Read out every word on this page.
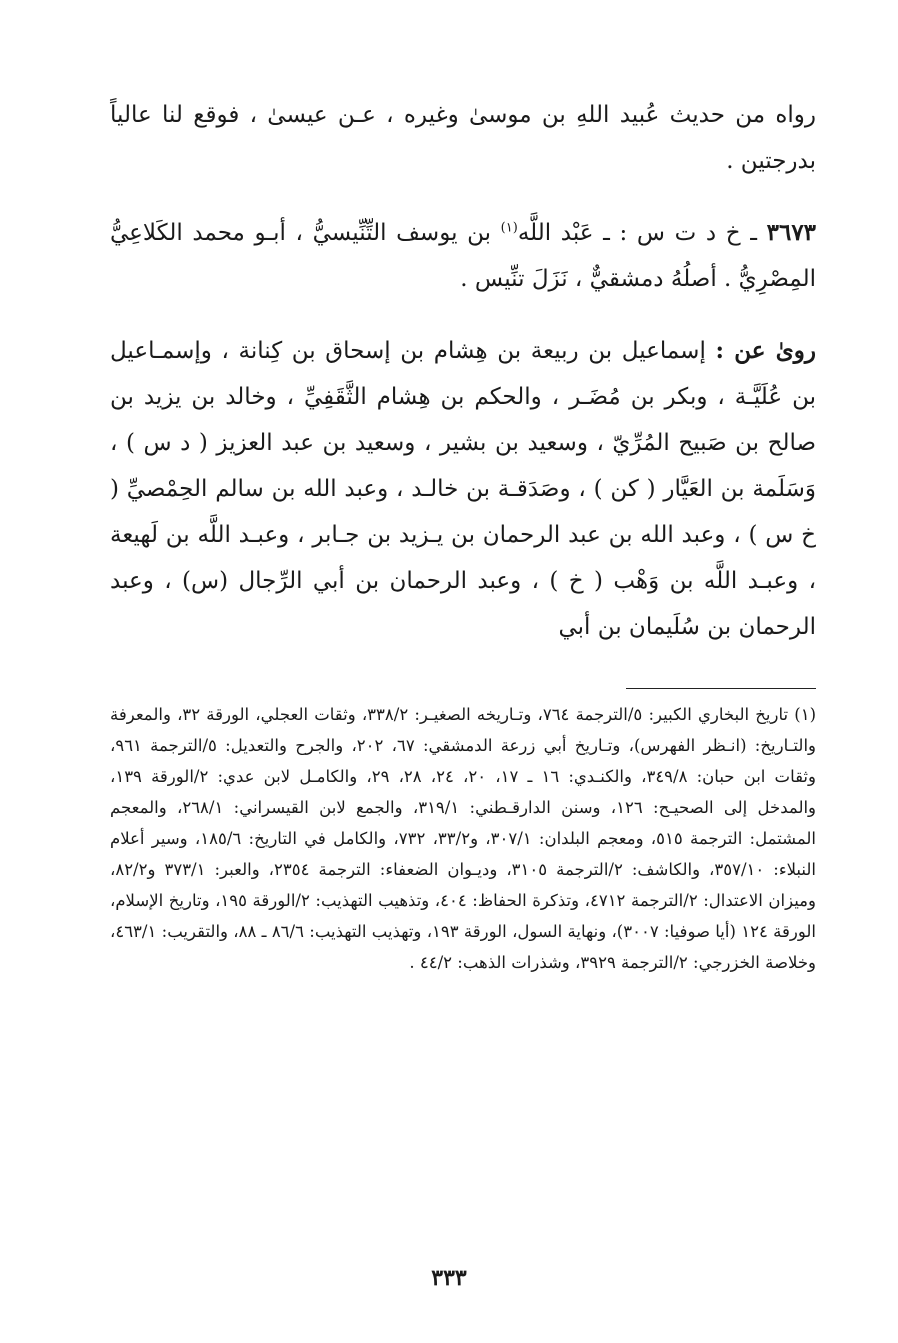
رواه من حديث عُبيد اللهِ بن موسىٰ وغيره ، عـن عيسىٰ ، فوقع لنا عالياً بدرجتين .

٣٦٧٣ ـ خ د ت س : ـ عَبْد اللَّه$^{(١)}$ بن يوسف التِّنِّيسيُّ ، أبـو محمد الكَلاعِيُّ المِصْرِيُّ . أصلُهُ دمشقيٌّ ، نَزَلَ تنِّيس .

روىٰ عن : إسماعيل بن ربيعة بن هِشام بن إسحاق بن كِنانة ، وإسمـاعيل بن عُلَيَّـة ، وبكر بن مُضَـر ، والحكم بن هِشام الثَّقَفِيِّ ، وخالد بن يزيد بن صالح بن صَبيح المُرِّيّ ، وسعيد بن بشير ، وسعيد بن عبد العزيز ( د س ) ، وَسَلَمة بن العَيَّار ( كن ) ، وصَدَقـة بن خالـد ، وعبد الله بن سالم الحِمْصيِّ ( خ س ) ، وعبد الله بن عبد الرحمان بن يـزيد بن جـابر ، وعبـد اللَّه بن لَهيعة ، وعبـد اللَّه بن وَهْب ( خ ) ، وعبد الرحمان بن أبي الرِّجال (س) ، وعبد الرحمان بن سُلَيمان بن أبي

(١) تاريخ البخاري الكبير: ٥/الترجمة ٧٦٤، وتـاريخه الصغيـر: ٣٣٨/٢، وثقات العجلي، الورقة ٣٢، والمعرفة والتـاريخ: (انـظر الفهرس)، وتـاريخ أبي زرعة الدمشقي: ٦٧، ٢٠٢، والجرح والتعديل: ٥/الترجمة ٩٦١، وثقات ابن حبان: ٣٤٩/٨، والكنـدي: ١٦ ـ ١٧، ٢٠، ٢٤، ٢٨، ٢٩، والكامـل لابن عدي: ٢/الورقة ١٣٩، والمدخل إلى الصحيـح: ١٢٦، وسنن الدارقـطني: ٣١٩/١، والجمع لابن القيسراني: ٢٦٨/١، والمعجم المشتمل: الترجمة ٥١٥، ومعجم البلدان: ٣٠٧/١، و٣٣/٢، ٧٣٢، والكامل في التاريخ: ١٨٥/٦، وسير أعلام النبلاء: ٣٥٧/١٠، والكاشف: ٢/الترجمة ٣١٠٥، وديـوان الضعفاء: الترجمة ٢٣٥٤، والعبر: ٣٧٣/١ و٨٢/٢، وميزان الاعتدال: ٢/الترجمة ٤٧١٢، وتذكرة الحفاظ: ٤٠٤، وتذهيب التهذيب: ٢/الورقة ١٩٥، وتاريخ الإسلام، الورقة ١٢٤ (أيا صوفيا: ٣٠٠٧)، ونهاية السول، الورقة ١٩٣، وتهذيب التهذيب: ٨٦/٦ ـ ٨٨، والتقريب: ٤٦٣/١، وخلاصة الخزرجي: ٢/الترجمة ٣٩٢٩، وشذرات الذهب: ٤٤/٢ .
٣٣٣
